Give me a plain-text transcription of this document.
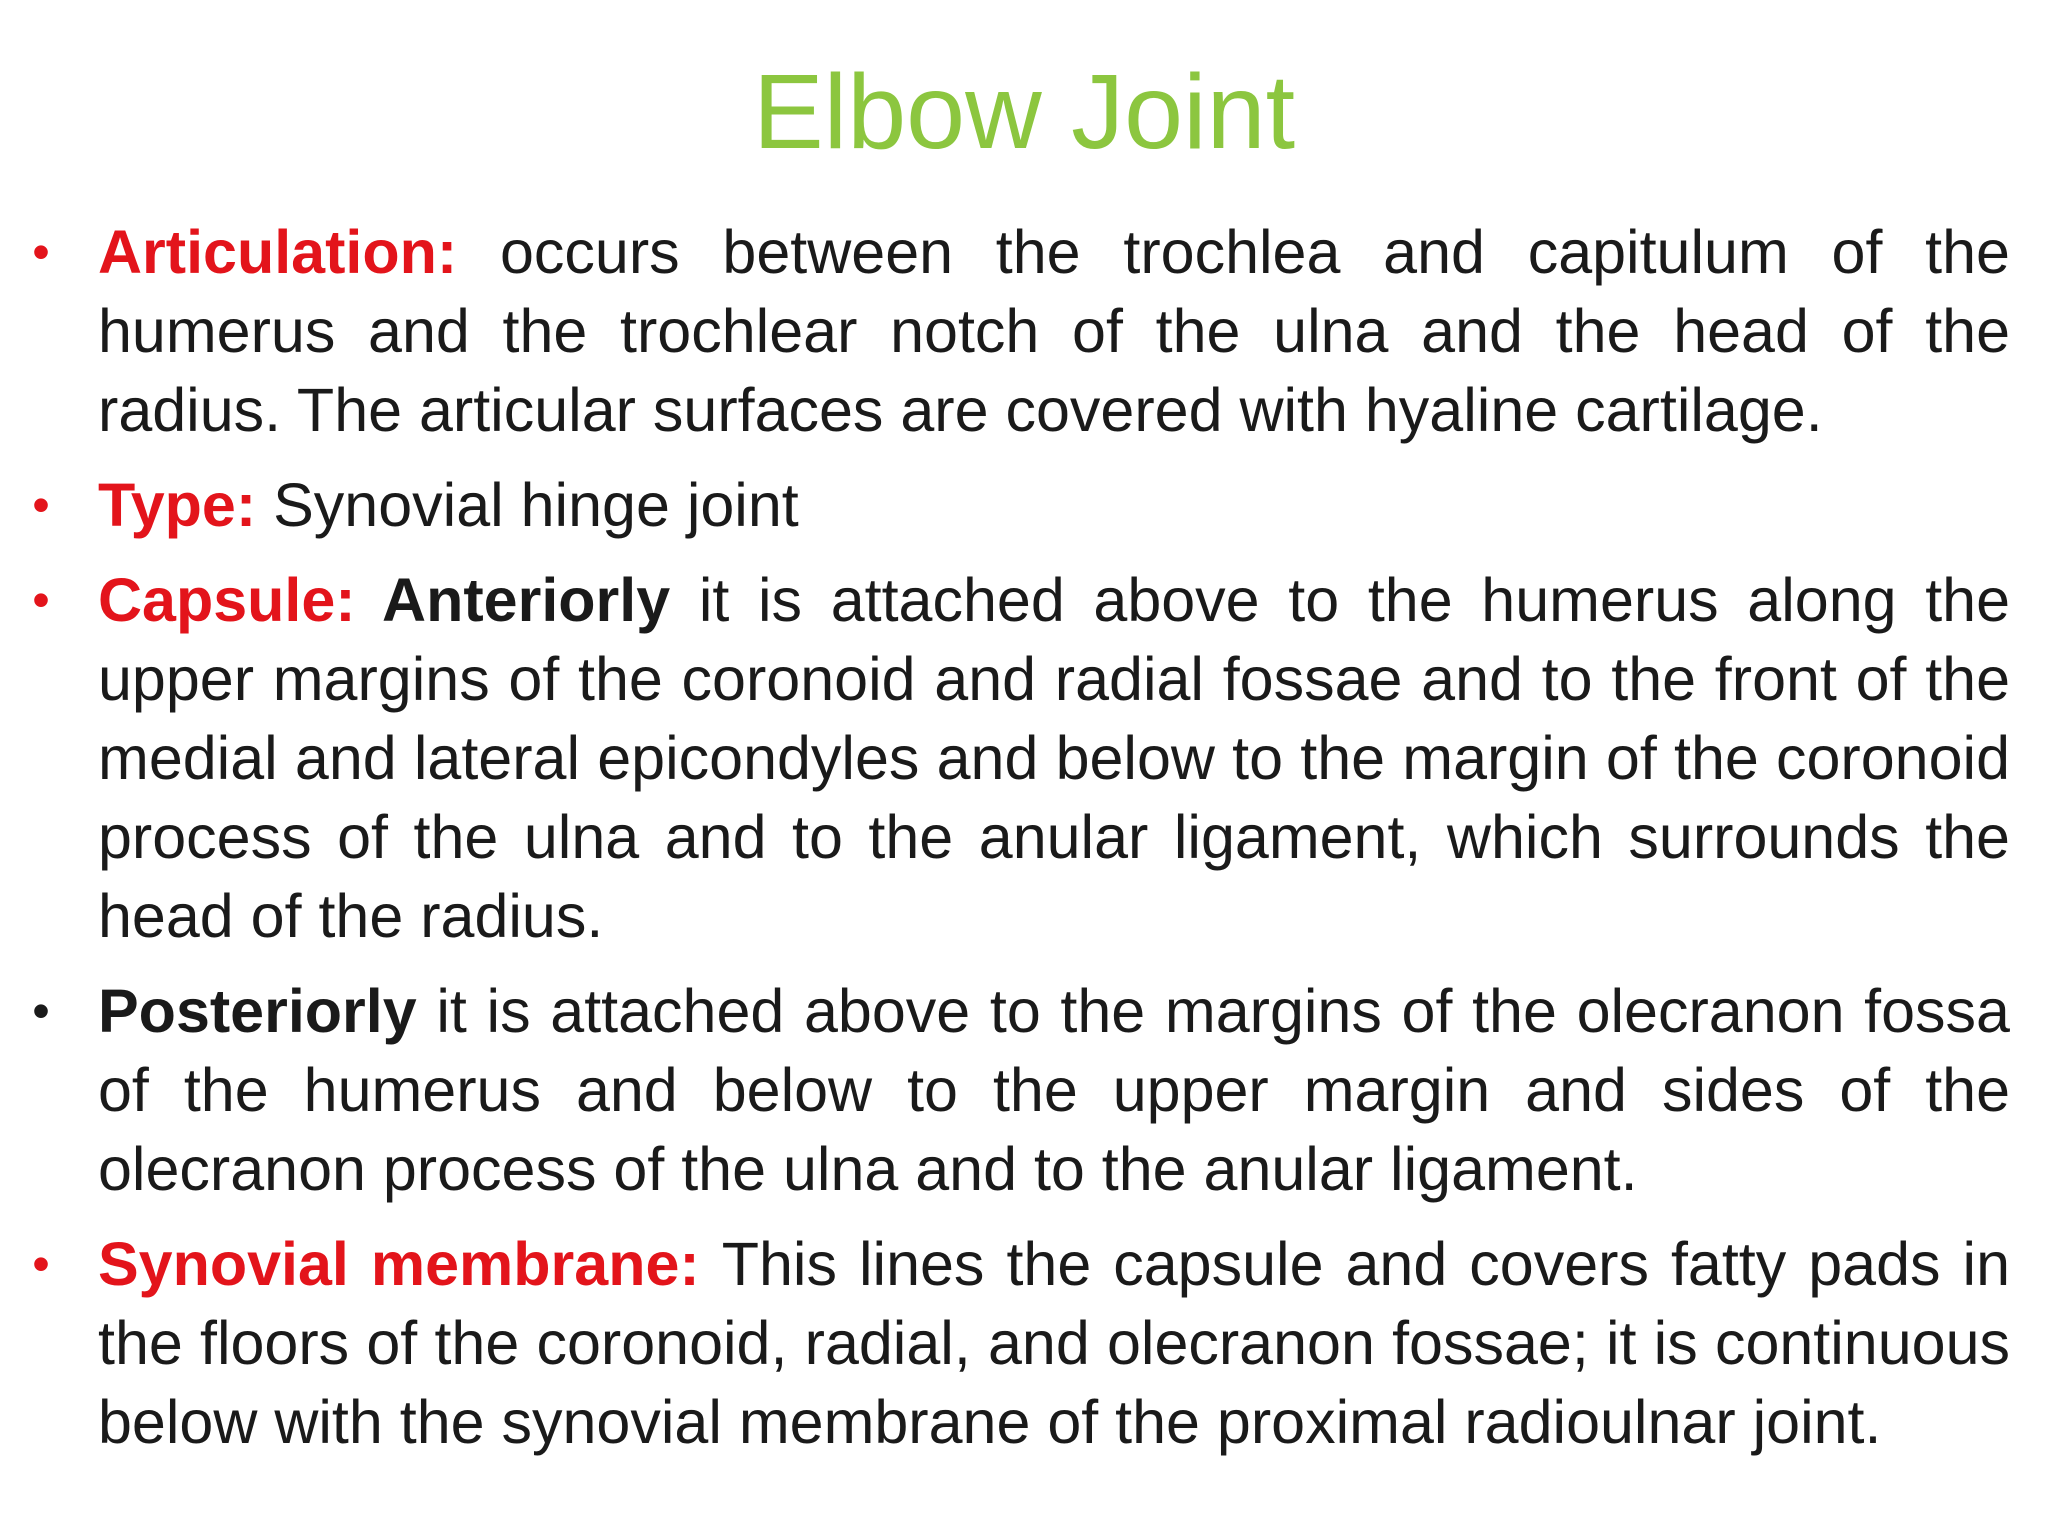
Elbow Joint
• Articulation: occurs between the trochlea and capitulum of the humerus and the trochlear notch of the ulna and the head of the radius. The articular surfaces are covered with hyaline cartilage.
• Type: Synovial hinge joint
• Capsule: Anteriorly it is attached above to the humerus along the upper margins of the coronoid and radial fossae and to the front of the medial and lateral epicondyles and below to the margin of the coronoid process of the ulna and to the anular ligament, which surrounds the head of the radius.
• Posteriorly it is attached above to the margins of the olecranon fossa of the humerus and below to the upper margin and sides of the olecranon process of the ulna and to the anular ligament.
• Synovial membrane: This lines the capsule and covers fatty pads in the floors of the coronoid, radial, and olecranon fossae; it is continuous below with the synovial membrane of the proximal radioulnar joint.
